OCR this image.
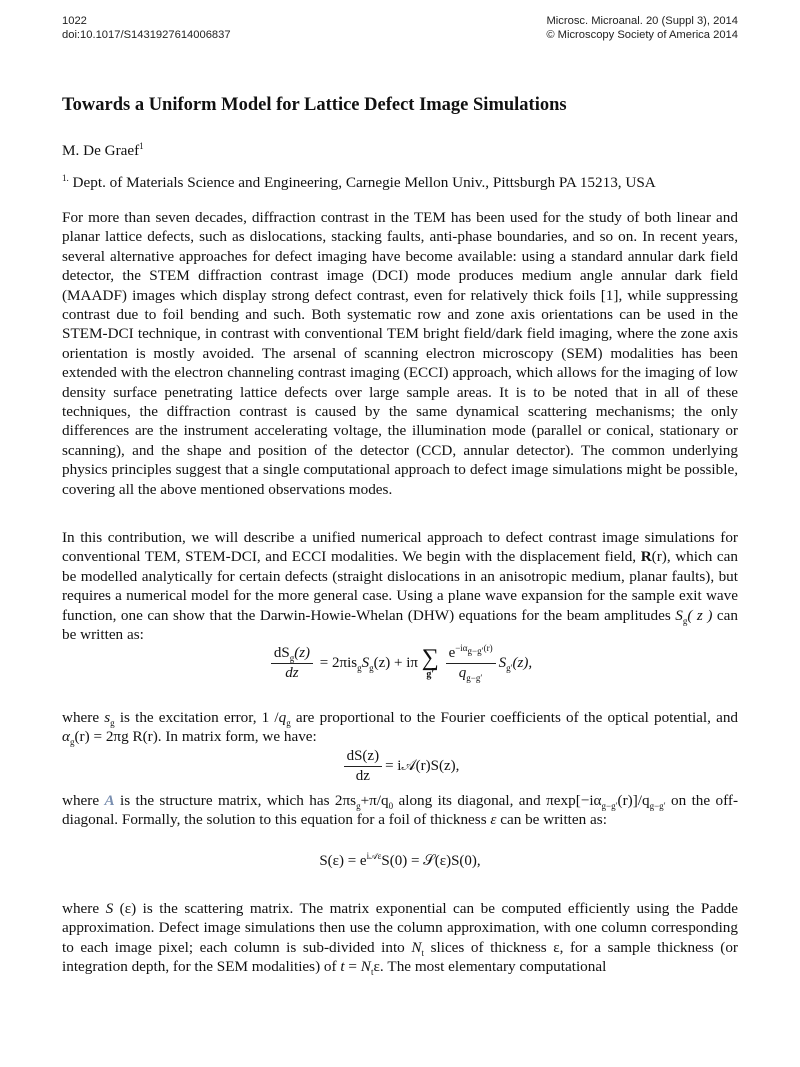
1022
doi:10.1017/S1431927614006837
Microsc. Microanal. 20 (Suppl 3), 2014
© Microscopy Society of America 2014
Towards a Uniform Model for Lattice Defect Image Simulations
M. De Graef$^1$
$^{1.}$ Dept. of Materials Science and Engineering, Carnegie Mellon Univ., Pittsburgh PA 15213, USA
For more than seven decades, diffraction contrast in the TEM has been used for the study of both linear and planar lattice defects, such as dislocations, stacking faults, anti-phase boundaries, and so on. In recent years, several alternative approaches for defect imaging have become available: using a standard annular dark field detector, the STEM diffraction contrast image (DCI) mode produces medium angle annular dark field (MAADF) images which display strong defect contrast, even for relatively thick foils [1], while suppressing contrast due to foil bending and such. Both systematic row and zone axis orientations can be used in the STEM-DCI technique, in contrast with conventional TEM bright field/dark field imaging, where the zone axis orientation is mostly avoided. The arsenal of scanning electron microscopy (SEM) modalities has been extended with the electron channeling contrast imaging (ECCI) approach, which allows for the imaging of low density surface penetrating lattice defects over large sample areas. It is to be noted that in all of these techniques, the diffraction contrast is caused by the same dynamical scattering mechanisms; the only differences are the instrument accelerating voltage, the illumination mode (parallel or conical, stationary or scanning), and the shape and position of the detector (CCD, annular detector). The common underlying physics principles suggest that a single computational approach to defect image simulations might be possible, covering all the above mentioned observations modes.
In this contribution, we will describe a unified numerical approach to defect contrast image simulations for conventional TEM, STEM-DCI, and ECCI modalities. We begin with the displacement field, R(r), which can be modelled analytically for certain defects (straight dislocations in an anisotropic medium, planar faults), but requires a numerical model for the more general case. Using a plane wave expansion for the sample exit wave function, one can show that the Darwin-Howie-Whelan (DHW) equations for the beam amplitudes $S_g$( z ) can be written as:
$\frac{dS_g(z)}{dz} = 2\pi is_gS_g(z) + i\pi$ ∑
g′
$\frac{e^{-i\alpha_{g-g'}(r)}}{q_{g-g'}} S_{g'}(z)$,
where $s_g$ is the excitation error, 1 $/q_g$ are proportional to the Fourier coefficients of the optical potential, and $\alpha_g(r) = 2\pi g$ R(r). In matrix form, we have:
$\frac{dS(z)}{dz}$ = i𝒜(r)S(z),
where A is the structure matrix, which has $2\pi s_g+\pi/q_0$ along its diagonal, and $\pi\exp[-i\alpha_{g-g'}(r)]/q_{g-g'}$ on the off-diagonal. Formally, the solution to this equation for a foil of thickness ε can be written as:
$S(\varepsilon) = e^{i𝒜\varepsilon}S(0)$ = 𝒮(ε)S(0),
where S (ε) is the scattering matrix. The matrix exponential can be computed efficiently using the Padde approximation. Defect image simulations then use the column approximation, with one column corresponding to each image pixel; each column is sub-divided into $N_t$ slices of thickness ε, for a sample thickness (or integration depth, for the SEM modalities) of $t = N_t\varepsilon$. The most elementary computational
